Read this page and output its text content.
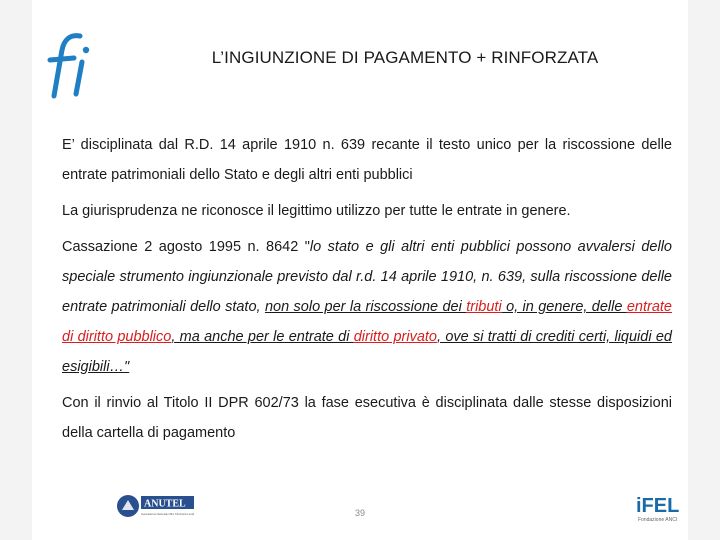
L’INGIUNZIONE DI PAGAMENTO + RINFORZATA

E’ disciplinata dal R.D. 14 aprile 1910 n. 639 recante il testo unico per la riscossione delle entrate patrimoniali dello Stato e degli altri enti pubblici

La giurisprudenza ne riconosce il legittimo utilizzo per tutte le entrate in genere.

Cassazione 2 agosto 1995 n. 8642 "lo stato e gli altri enti pubblici possono avvalersi dello speciale strumento ingiunzionale previsto dal r.d. 14 aprile 1910, n. 639, sulla riscossione delle entrate patrimoniali dello stato, non solo per la riscossione dei tributi o, in genere, delle entrate di diritto pubblico, ma anche per le entrate di diritto privato, ove si tratti di crediti certi, liquidi ed esigibili…"

Con il rinvio al Titolo II DPR 602/73 la fase esecutiva è disciplinata dalle stesse disposizioni della cartella di pagamento

ANUTEL
Associazione Nazionale Uffici Tributi Enti Locali	39	iFEL
Fondazione ANCI
